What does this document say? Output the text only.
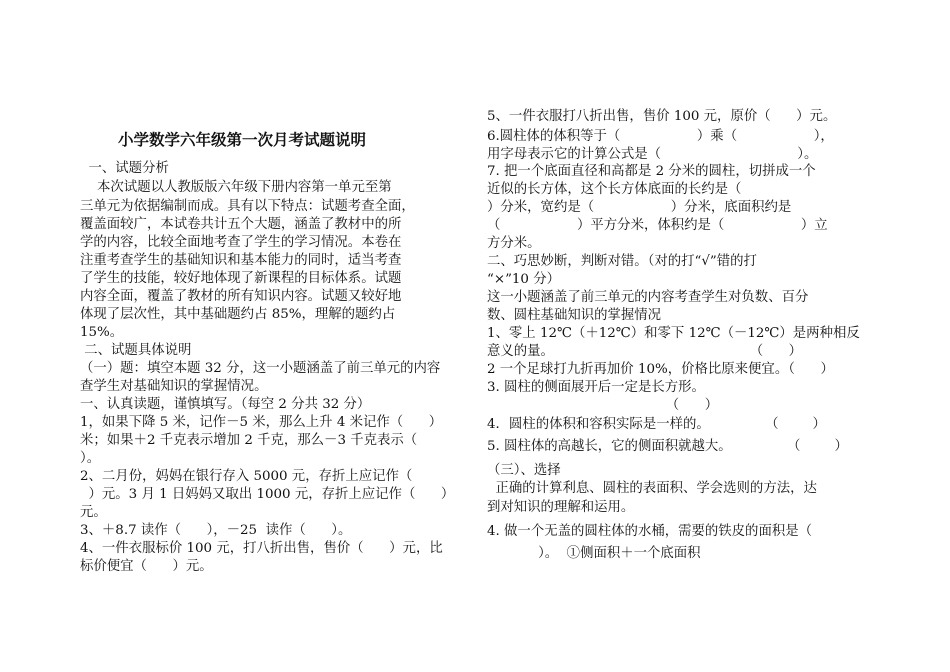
小学数学六年级第一次月考试题说明
一、试题分析
本次试题以人教版版六年级下册内容第一单元至第
三单元为依据编制而成。具有以下特点：试题考查全面，
覆盖面较广，本试卷共计五个大题，涵盖了教材中的所
学的内容，比较全面地考查了学生的学习情况。本卷在
注重考查学生的基础知识和基本能力的同时，适当考查
了学生的技能，较好地体现了新课程的目标体系。试题
内容全面，覆盖了教材的所有知识内容。试题又较好地
体现了层次性，其中基础题约占 85%，理解的题约占
15%。
二、试题具体说明
（一）题：填空本题 32 分，这一小题涵盖了前三单元的内容
查学生对基础知识的掌握情况。
一、认真读题，谨慎填写。（每空 2 分共 32 分）
1，如果下降 5 米，记作－5 米，那么上升 4 米记作（      ）
米；如果＋2 千克表示增加 2 千克，那么－3 千克表示（
）。
2、二月份，妈妈在银行存入 5000 元，存折上应记作（
）元。3 月 1 日妈妈又取出 1000 元，存折上应记作（      ）
元。
3、＋8.7 读作（      ），－25  读作（      ）。
4、一件衣服标价 100 元，打八折出售，售价（      ）元，比
标价便宜（      ）元。
5、一件衣服打八折出售，售价 100 元，原价（      ）元。
6.圆柱体的体积等于（                  ）乘（                  ），
用字母表示它的计算公式是（                                ）。
7. 把一个底面直径和高都是 2 分米的圆柱，切拼成一个
近似的长方体，这个长方体底面的长约是（
）分米，宽约是（                  ）分米，底面积约是
（                  ）平方分米，体积约是（                  ）立
方分米。
二、巧思妙断，判断对错。（对的打“√”错的打
“×”10 分）
这一小题涵盖了前三单元的内容考查学生对负数、百分
数、圆柱基础知识的掌握情况
1、零上 12℃（＋12℃）和零下 12℃（－12℃）是两种相反
意义的量。                                              （      ）
2 一个足球打九折再加价 10%，价格比原来便宜。（      ）
3. 圆柱的侧面展开后一定是长方形。
（      ）
4．圆柱的体积和容积实际是一样的。             （        ）
5. 圆柱体的高越长，它的侧面积就越大。             （        ）
（三）、选择
正确的计算利息、圆柱的表面积、学会选则的方法，达
到对知识的理解和运用。
4. 做一个无盖的圆柱体的水桶，需要的铁皮的面积是（
）。  ①侧面积＋一个底面积
